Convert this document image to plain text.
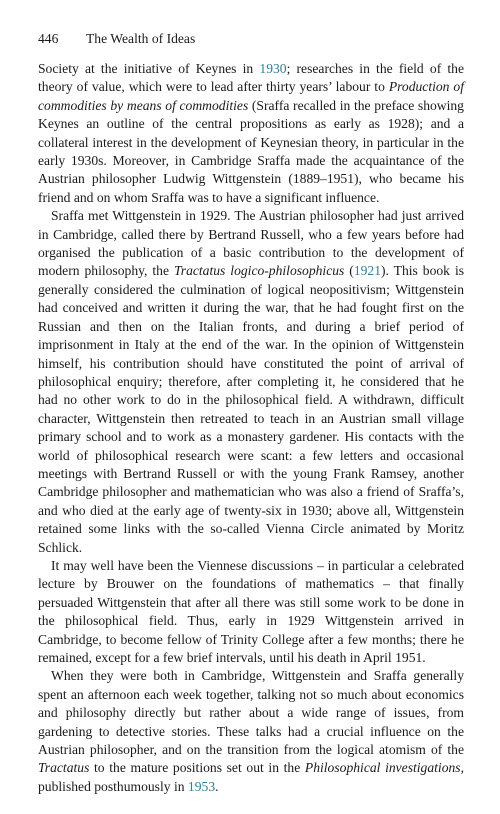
446 The Wealth of Ideas

Society at the initiative of Keynes in 1930; researches in the field of the theory of value, which were to lead after thirty years’ labour to Production of commodities by means of commodities (Sraffa recalled in the preface showing Keynes an outline of the central propositions as early as 1928); and a collateral interest in the development of Keynesian theory, in particular in the early 1930s. Moreover, in Cambridge Sraffa made the acquaintance of the Austrian philosopher Ludwig Wittgenstein (1889–1951), who became his friend and on whom Sraffa was to have a significant influence.

Sraffa met Wittgenstein in 1929. The Austrian philosopher had just arrived in Cambridge, called there by Bertrand Russell, who a few years before had organised the publication of a basic contribution to the development of modern philosophy, the Tractatus logico-philosophicus (1921). This book is generally considered the culmination of logical neopositivism; Wittgenstein had conceived and written it during the war, that he had fought first on the Russian and then on the Italian fronts, and during a brief period of imprisonment in Italy at the end of the war. In the opinion of Wittgenstein himself, his contribution should have constituted the point of arrival of philosophical enquiry; therefore, after completing it, he considered that he had no other work to do in the philosophical field. A withdrawn, difficult character, Wittgenstein then retreated to teach in an Austrian small village primary school and to work as a monastery gardener. His contacts with the world of philosophical research were scant: a few letters and occasional meetings with Bertrand Russell or with the young Frank Ramsey, another Cambridge philosopher and mathematician who was also a friend of Sraffa’s, and who died at the early age of twenty-six in 1930; above all, Wittgenstein retained some links with the so-called Vienna Circle animated by Moritz Schlick.

It may well have been the Viennese discussions – in particular a celebrated lecture by Brouwer on the foundations of mathematics – that finally persuaded Wittgenstein that after all there was still some work to be done in the philosophical field. Thus, early in 1929 Wittgenstein arrived in Cambridge, to become fellow of Trinity College after a few months; there he remained, except for a few brief intervals, until his death in April 1951.

When they were both in Cambridge, Wittgenstein and Sraffa generally spent an afternoon each week together, talking not so much about economics and philosophy directly but rather about a wide range of issues, from gardening to detective stories. These talks had a crucial influence on the Austrian philosopher, and on the transition from the logical atomism of the Tractatus to the mature positions set out in the Philosophical investigations, published posthumously in 1953.
